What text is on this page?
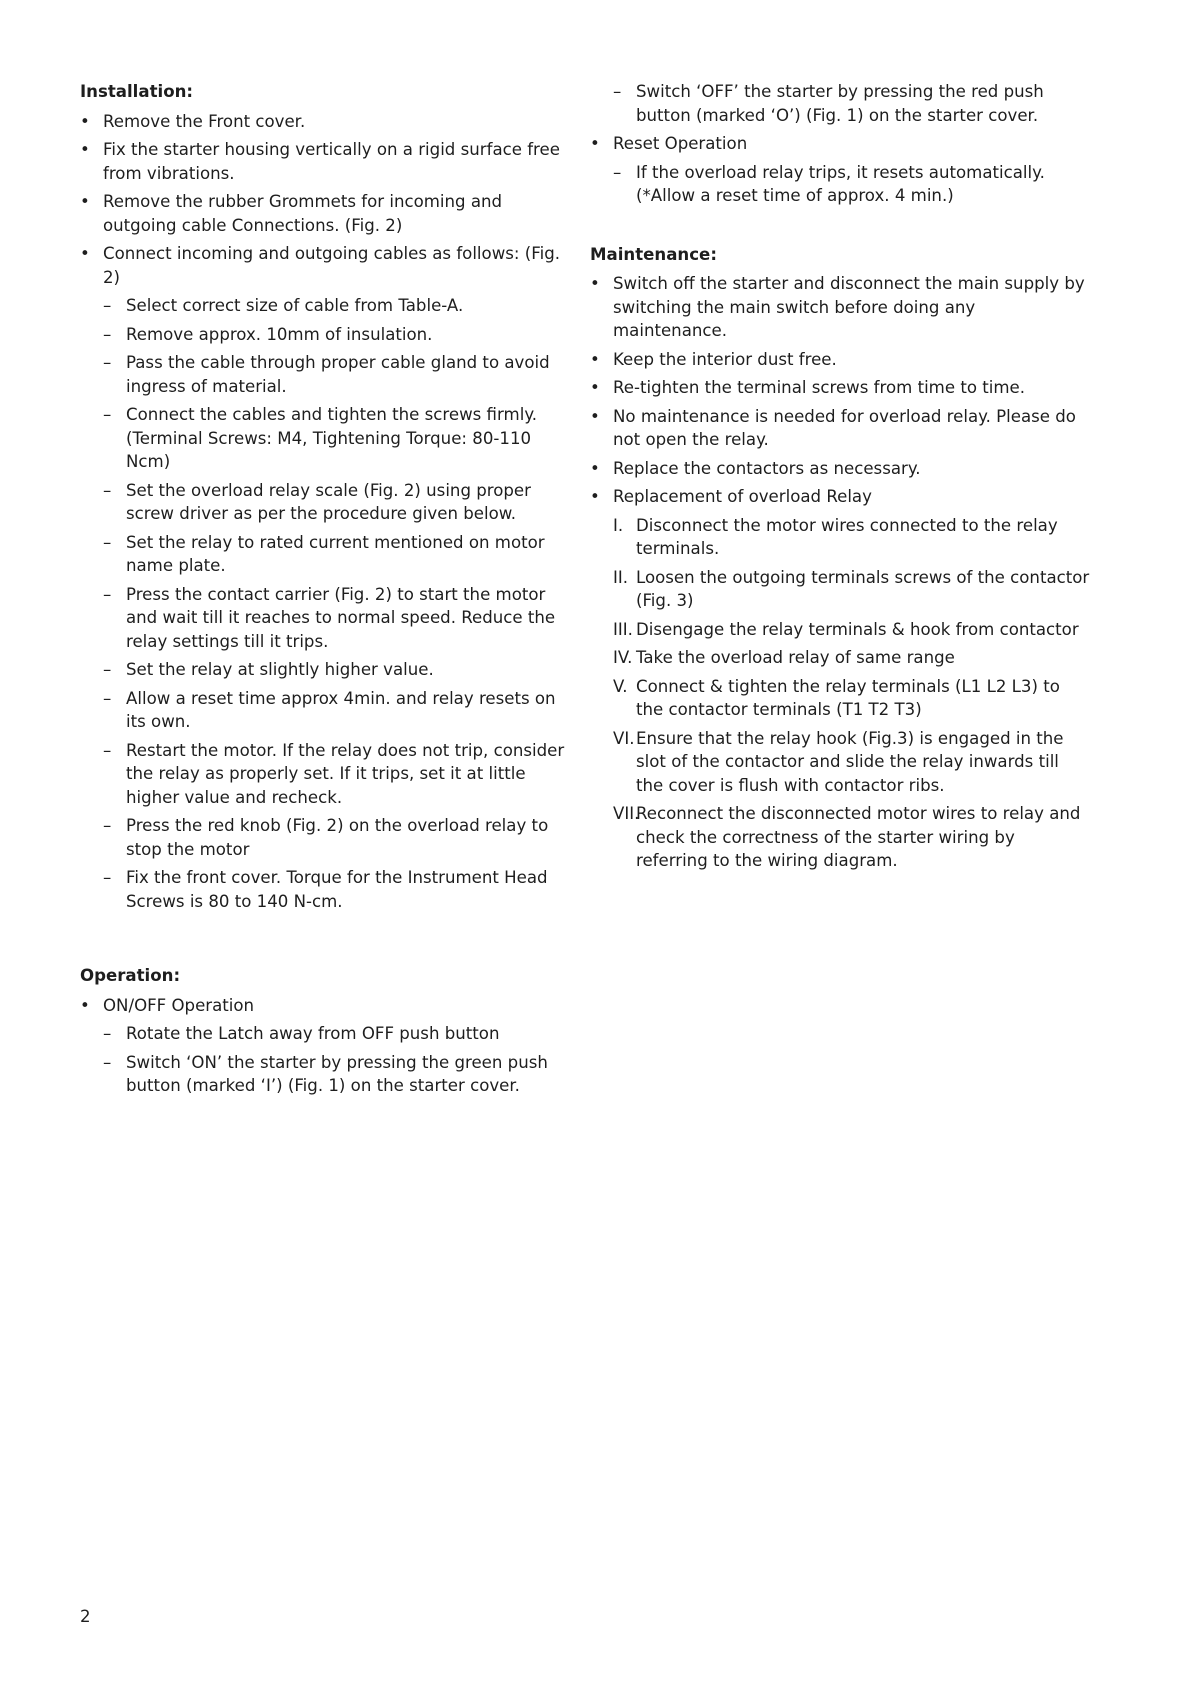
Installation:
• Remove the Front cover.
• Fix the starter housing vertically on a rigid surface free from vibrations.
• Remove the rubber Grommets for incoming and outgoing cable Connections. (Fig. 2)
• Connect incoming and outgoing cables as follows: (Fig. 2)
– Select correct size of cable from Table-A.
– Remove approx. 10mm of insulation.
– Pass the cable through proper cable gland to avoid ingress of material.
– Connect the cables and tighten the screws firmly. (Terminal Screws: M4, Tightening Torque: 80-110 Ncm)
– Set the overload relay scale (Fig. 2) using proper screw driver as per the procedure given below.
– Set the relay to rated current mentioned on motor name plate.
– Press the contact carrier (Fig. 2) to start the motor and wait till it reaches to normal speed. Reduce the relay settings till it trips.
– Set the relay at slightly higher value.
– Allow a reset time approx 4min. and relay resets on its own.
– Restart the motor. If the relay does not trip, consider the relay as properly set. If it trips, set it at little higher value and recheck.
– Press the red knob (Fig. 2) on the overload relay to stop the motor
– Fix the front cover. Torque for the Instrument Head Screws is 80 to 140 N-cm.
Operation:
• ON/OFF Operation
– Rotate the Latch away from OFF push button
– Switch ‘ON’ the starter by pressing the green push button (marked ‘I’) (Fig. 1) on the starter cover.
– Switch ‘OFF’ the starter by pressing the red push button (marked ‘O’) (Fig. 1) on the starter cover.
• Reset Operation
– If the overload relay trips, it resets automatically. (*Allow a reset time of approx. 4 min.)
Maintenance:
• Switch off the starter and disconnect the main supply by switching the main switch before doing any maintenance.
• Keep the interior dust free.
• Re-tighten the terminal screws from time to time.
• No maintenance is needed for overload relay. Please do not open the relay.
• Replace the contactors as necessary.
• Replacement of overload Relay
I. Disconnect the motor wires connected to the relay terminals.
II. Loosen the outgoing terminals screws of the contactor (Fig. 3)
III. Disengage the relay terminals & hook from contactor
IV. Take the overload relay of same range
V. Connect & tighten the relay terminals (L1 L2 L3) to the contactor terminals (T1 T2 T3)
VI. Ensure that the relay hook (Fig.3) is engaged in the slot of the contactor and slide the relay inwards till the cover is flush with contactor ribs.
VII.
Reconnect the disconnected motor wires to relay and check the correctness of the starter wiring by referring to the wiring diagram.
2
